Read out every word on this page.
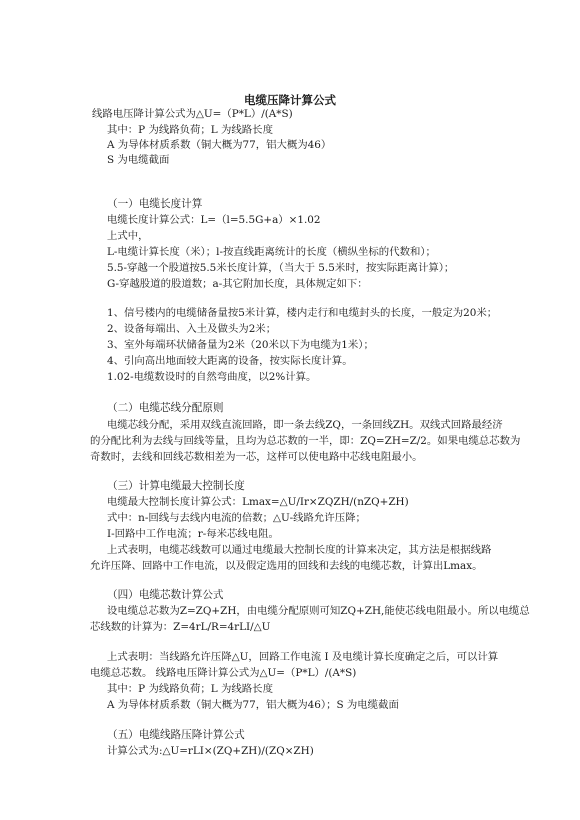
电缆压降计算公式
线路电压降计算公式为△U=（P*L）/(A*S)
其中：P 为线路负荷；L 为线路长度
A 为导体材质系数（铜大概为77，铝大概为46）
S 为电缆截面
（一）电缆长度计算
电缆长度计算公式：L=（l=5.5G+a）×1.02
上式中，
L-电缆计算长度（米）；l-按直线距离统计的长度（横纵坐标的代数和）；
5.5-穿越一个股道按5.5米长度计算，（当大于 5.5米时，按实际距离计算）；
G-穿越股道的股道数；a-其它附加长度，具体规定如下：
1、信号楼内的电缆储备量按5米计算，楼内走行和电缆封头的长度，一般定为20米；
2、设备每端出、入土及做头为2米；
3、室外每端环状储备量为2米（20米以下为电缆为1米）；
4、引向高出地面较大距离的设备，按实际长度计算。
1.02-电缆数设时的自然弯曲度，以2%计算。
（二）电缆芯线分配原则
电缆芯线分配，采用双线直流回路，即一条去线ZQ，一条回线ZH。双线式回路最经济
的分配比利为去线与回线等量，且均为总芯数的一半，即：ZQ=ZH=Z/2。如果电缆总芯数为
奇数时，去线和回线芯数相差为一芯，这样可以使电路中芯线电阻最小。
（三）计算电缆最大控制长度
电缆最大控制长度计算公式：Lmax=△U/Ir×ZQZH/(nZQ+ZH)
式中：n-回线与去线内电流的倍数；△U-线路允许压降；
I-回路中工作电流；r-每米芯线电阻。
上式表明，电缆芯线数可以通过电缆最大控制长度的计算来决定，其方法是根据线路
允许压降、回路中工作电流，以及假定选用的回线和去线的电缆芯数，计算出Lmax。
（四）电缆芯数计算公式
设电缆总芯数为Z=ZQ+ZH，由电缆分配原则可知ZQ+ZH,能使芯线电阻最小。所以电缆总
芯线数的计算为：Z=4rL/R=4rLI/△U
上式表明：当线路允许压降△U，回路工作电流 I 及电缆计算长度确定之后，可以计算
电缆总芯数。 线路电压降计算公式为△U=（P*L）/(A*S)
其中：P 为线路负荷；L 为线路长度
A 为导体材质系数（铜大概为77，铝大概为46）；S 为电缆截面
（五）电缆线路压降计算公式
计算公式为:△U=rLI×(ZQ+ZH)/(ZQ×ZH)
